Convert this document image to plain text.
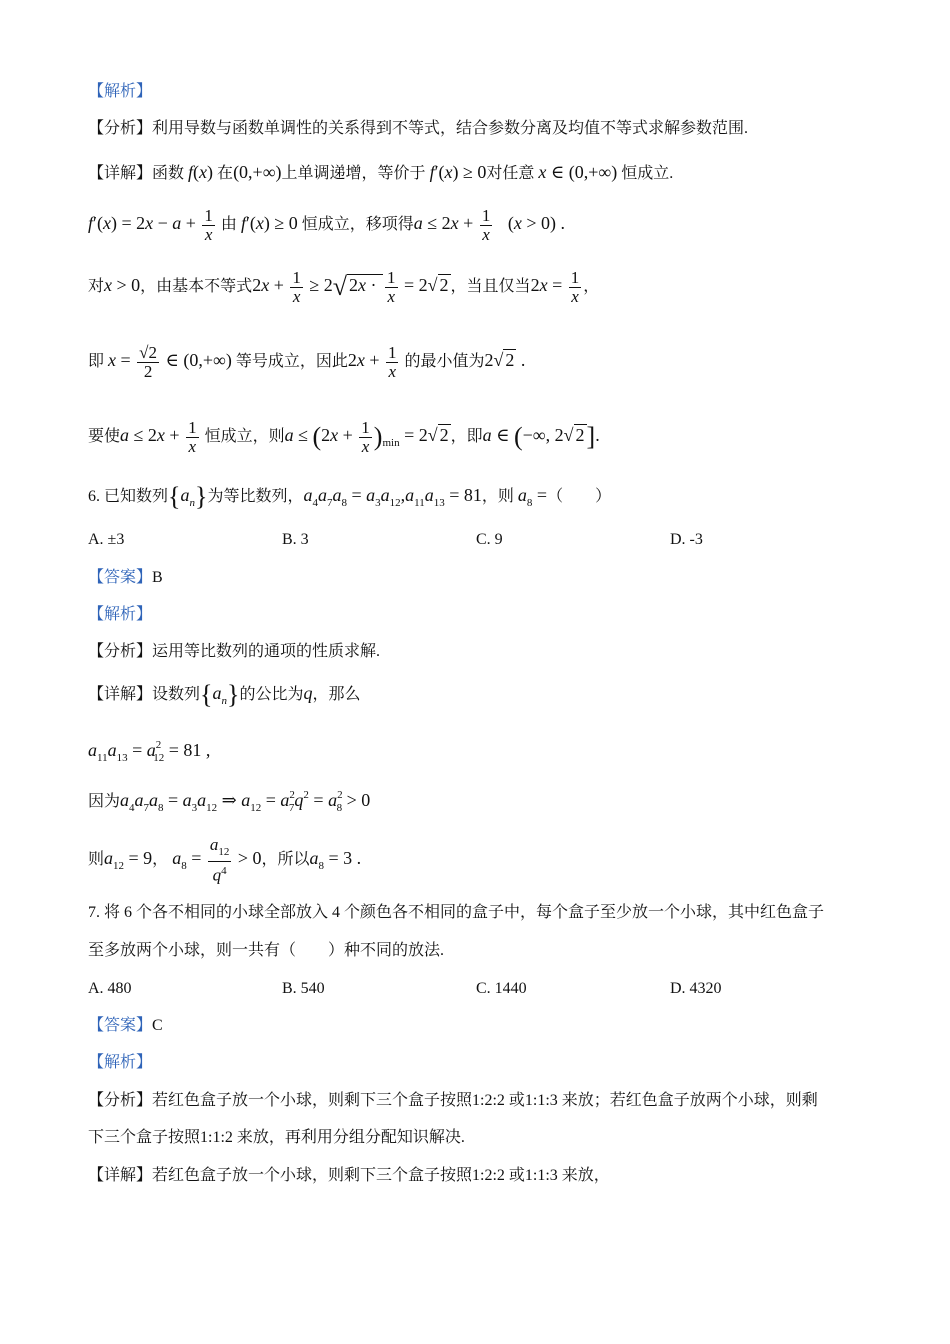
【解析】
【分析】利用导数与函数单调性的关系得到不等式，结合参数分离及均值不等式求解参数范围.
【详解】函数 f(x) 在(0,+∞)上单调递增，等价于 f′(x) ≥ 0对任意 x ∈ (0,+∞) 恒成立.
$f'(x) = 2x - a + \frac{1}{x}$ 由 f′(x) ≥ 0 恒成立，移项得$a \le 2x + \frac{1}{x} (x > 0)$ .
对x > 0，由基本不等式$2x + \frac{1}{x} \ge 2√$ $2x \cdot \frac{1}{x} = 2√$ 2 ，当且仅当$2x = \frac{1}{x}$ ，
即 $x = \frac{√2}{2}$ ∈ (0,+∞) 等号成立，因此$2x + \frac{1}{x}$ 的最小值为2√ 2 .
要使$a \le 2x + \frac{1}{x}$ 恒成立，则$a \le (2x + \frac{1}{x} )_{min} = 2√$ 2 ，即a ∈ (−∞, 2√ 2].
6. 已知数列$\{a_n\}$为等比数列，$a_4a_7a_8 = a_3a_{12},a_{11}a_{13} = 81$，则 $a_8$ =（　　）
A. ±3	B. 3	C. 9	D. -3
【答案】B
【解析】
【分析】运用等比数列的通项的性质求解.
【详解】设数列$\{a_n\}$的公比为q，那么
$a_{11}a_{13} = a^2_{12} = 81$ ,
因为$a_4a_7a_8 = a_3a_{12}$ ⇒ $a_{12} = a^2_7q^2 = a^2_8 > 0$
则$a_{12} = 9$， $a_8 = \frac{a_{12}}{q^4} > 0$，所以$a_8 = 3$ .
7. 将 6 个各不相同的小球全部放入 4 个颜色各不相同的盒子中，每个盒子至少放一个小球，其中红色盒子
至多放两个小球，则一共有（　　）种不同的放法.
A. 480	B. 540	C. 1440	D. 4320
【答案】C
【解析】
【分析】若红色盒子放一个小球，则剩下三个盒子按照1:2:2 或1:1:3 来放；若红色盒子放两个小球，则剩
下三个盒子按照1:1:2 来放，再利用分组分配知识解决.
【详解】若红色盒子放一个小球，则剩下三个盒子按照1:2:2 或1:1:3 来放，
